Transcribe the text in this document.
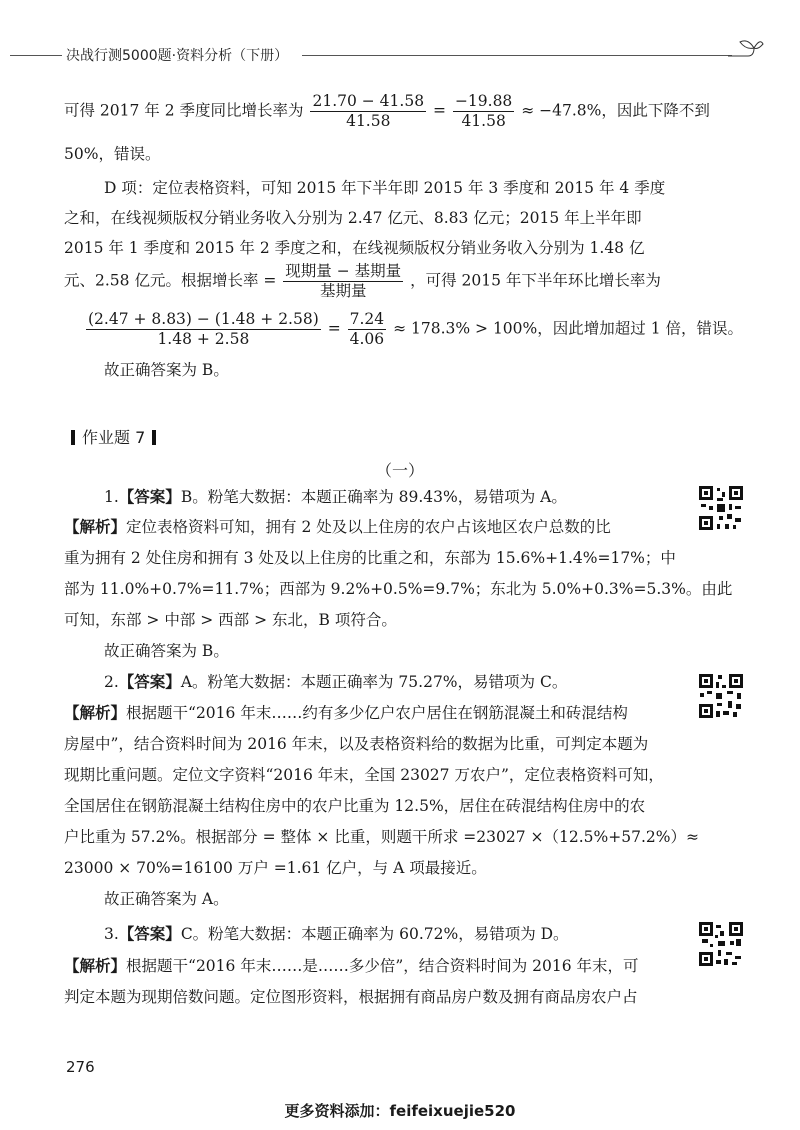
决战行测5000题·资料分析（下册）
可得 2017 年 2 季度同比增长率为 $\frac{21.70 - 41.58}{41.58} = \frac{-19.88}{41.58} \approx -47.8\%$，因此下降不到
50%，错误。
D 项：定位表格资料，可知 2015 年下半年即 2015 年 3 季度和 2015 年 4 季度
之和，在线视频版权分销业务收入分别为 2.47 亿元、8.83 亿元；2015 年上半年即
2015 年 1 季度和 2015 年 2 季度之和，在线视频版权分销业务收入分别为 1.48 亿
元、2.58 亿元。根据增长率 = $\frac{\text{现期量 − 基期量}}{\text{基期量}}$ ，可得 2015 年下半年环比增长率为
$\frac{(2.47 + 8.83) - (1.48 + 2.58)}{1.48 + 2.58} = \frac{7.24}{4.06} \approx 178.3\% > 100\%$，因此增加超过 1 倍，错误。
故正确答案为 B。
作业题 7
（一）
1.【答案】B。粉笔大数据：本题正确率为 89.43%，易错项为 A。
【解析】定位表格资料可知，拥有 2 处及以上住房的农户占该地区农户总数的比
重为拥有 2 处住房和拥有 3 处及以上住房的比重之和，东部为 15.6%+1.4%=17%；中
部为 11.0%+0.7%=11.7%；西部为 9.2%+0.5%=9.7%；东北为 5.0%+0.3%=5.3%。由此
可知，东部 > 中部 > 西部 > 东北，B 项符合。
故正确答案为 B。
2.【答案】A。粉笔大数据：本题正确率为 75.27%，易错项为 C。
【解析】根据题干“2016 年末……约有多少亿户农户居住在钢筋混凝土和砖混结构
房屋中”，结合资料时间为 2016 年末，以及表格资料给的数据为比重，可判定本题为
现期比重问题。定位文字资料“2016 年末，全国 23027 万农户”，定位表格资料可知，
全国居住在钢筋混凝土结构住房中的农户比重为 12.5%，居住在砖混结构住房中的农
户比重为 57.2%。根据部分 = 整体 × 比重，则题干所求 =23027 ×（12.5%+57.2%）≈
23000 × 70%=16100 万户 =1.61 亿户，与 A 项最接近。
故正确答案为 A。
3.【答案】C。粉笔大数据：本题正确率为 60.72%，易错项为 D。
【解析】根据题干“2016 年末……是……多少倍”，结合资料时间为 2016 年末，可
判定本题为现期倍数问题。定位图形资料，根据拥有商品房户数及拥有商品房农户占
276
更多资料添加：feifeixuejie520
